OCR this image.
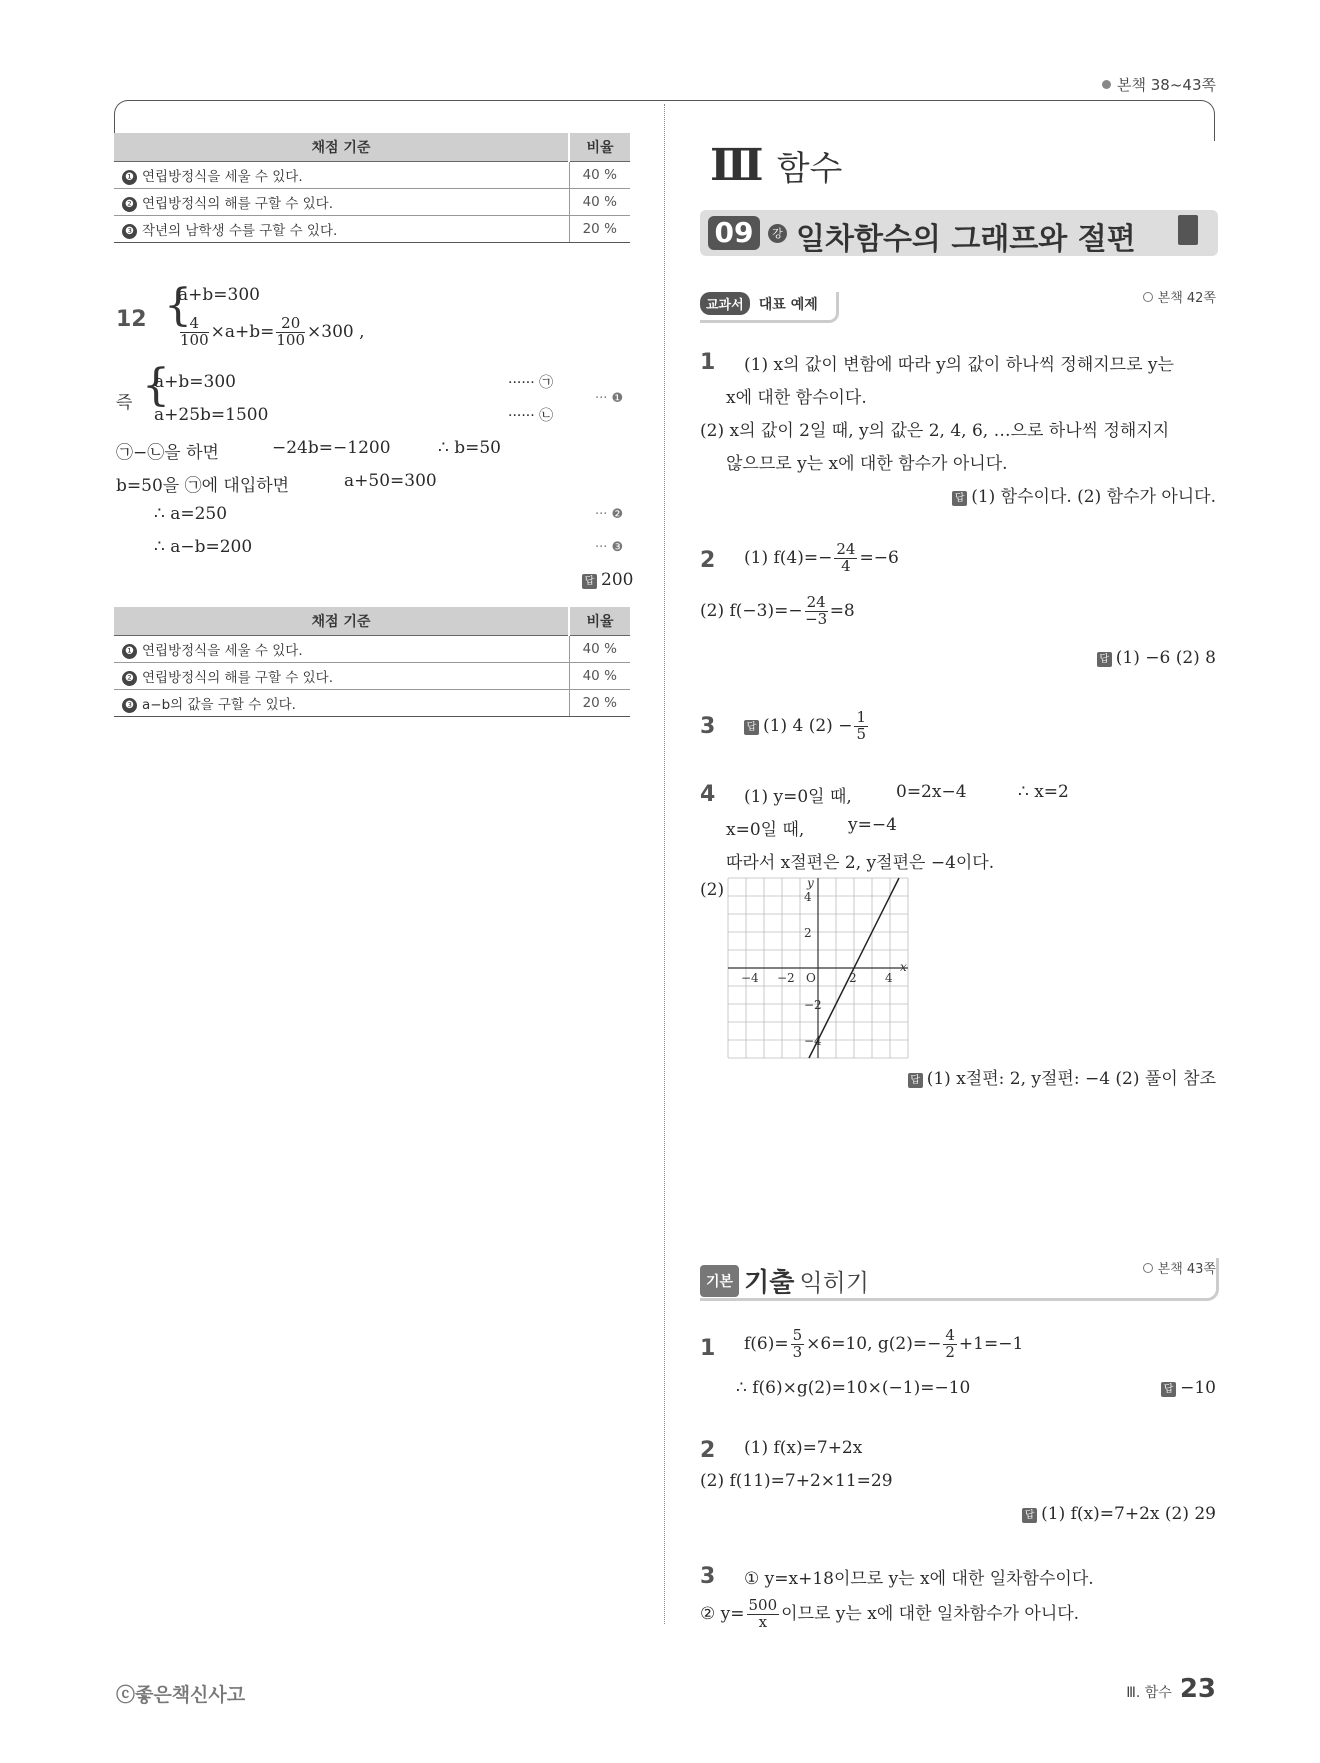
본책 38~43쪽
채점 기준	비율
❶ 연립방정식을 세울 수 있다.	40 %
❷ 연립방정식의 해를 구할 수 있다.	40 %
❸ 작년의 남학생 수를 구할 수 있다.	20 %
12 {
a+b=300
$\frac{4}{100} \times a+b= \frac{20}{100} \times 300$ ,
즉 {
a+b=300	······ ㉠
a+25b=1500	······ ㉡
··· ❶
㉠−㉡을 하면	−24b=−1200	∴ b=50
b=50을 ㉠에 대입하면	a+50=300
∴ a=250	··· ❷
∴ a−b=200	··· ❸
답 200
채점 기준	비율
❶ 연립방정식을 세울 수 있다.	40 %
❷ 연립방정식의 해를 구할 수 있다.	40 %
❸ a−b의 값을 구할 수 있다.	20 %
Ⅲ 함수
09	강 일차함수의 그래프와 절편
교과서 대표 예제	본책 42쪽
1 (1) x의 값이 변함에 따라 y의 값이 하나씩 정해지므로 y는
x에 대한 함수이다.
(2) x의 값이 2일 때, y의 값은 2, 4, 6, …으로 하나씩 정해지지
않으므로 y는 x에 대한 함수가 아니다.
답 (1) 함수이다. (2) 함수가 아니다.
2 (1) $f(4)=- \frac{24}{4} =-6$
(2) $f(-3)=- \frac{24}{-3} =8$
답 (1) −6 (2) 8
3	답 (1) 4 $(2) - \frac{1}{5}$
4 (1) y=0일 때,	0=2x−4	∴ x=2
x=0일 때,	y=−4
따라서 x절편은 2, y절편은 −4이다.
(2)
−4 −2	2 4
4
2
−2
−4
O
x
y
답 (1) x절편: 2, y절편: −4 (2) 풀이 참조
기본 기출 익히기	본책 43쪽
1 $f(6)= \frac{5}{3} \times 6=10$, $g(2)=- \frac{4}{2} +1=-1$
∴ f(6)×g(2)=10×(−1)=−10	답 −10
2 (1) f(x)=7+2x
(2) f(11)=7+2×11=29
답 (1) f(x)=7+2x (2) 29
3 ① y=x+18이므로 y는 x에 대한 일차함수이다.
② $y= \frac{500}{x}$ 이므로 y는 x에 대한 일차함수가 아니다.
ⓒ좋은책신사고	Ⅲ. 함수 23
